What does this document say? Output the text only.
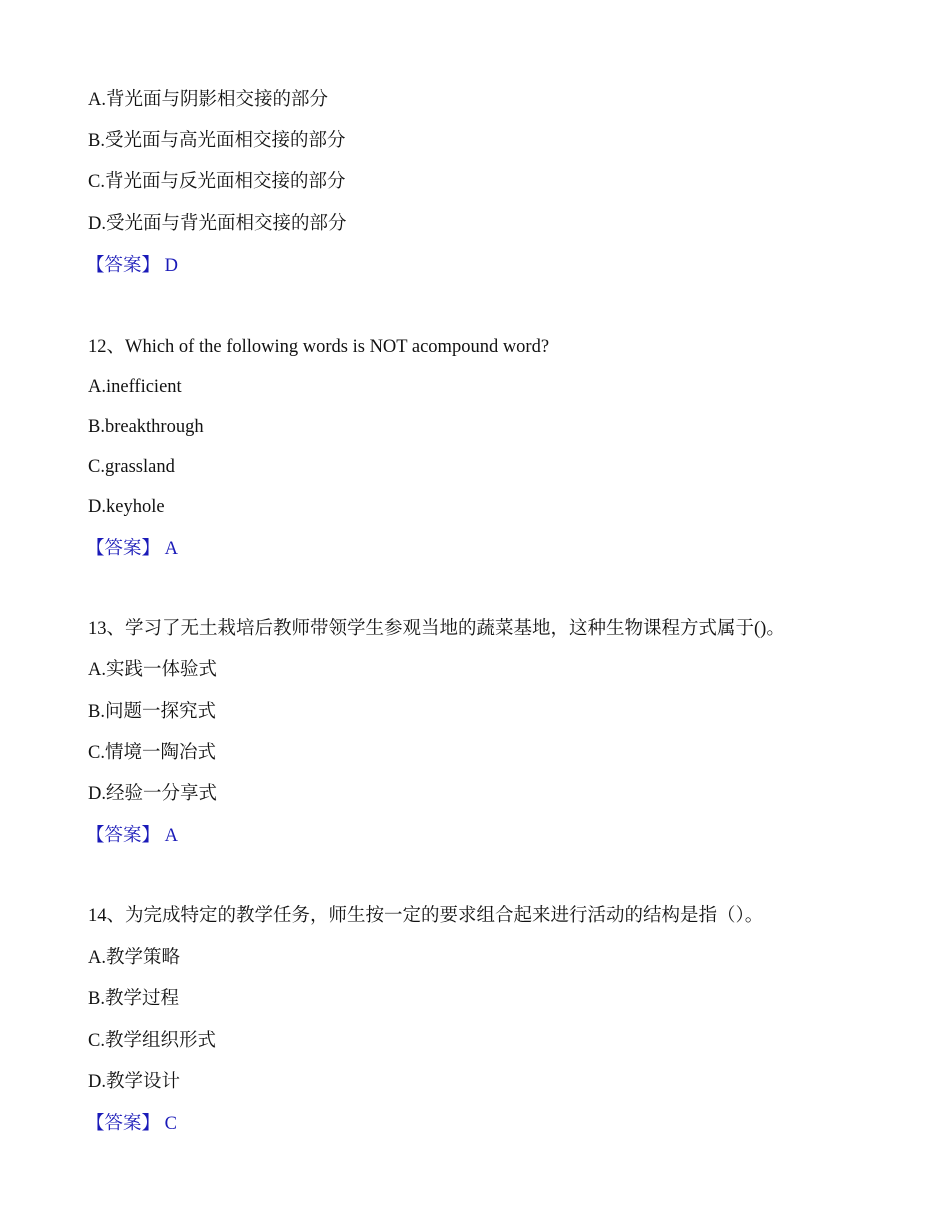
A.背光面与阴影相交接的部分
B.受光面与高光面相交接的部分
C.背光面与反光面相交接的部分
D.受光面与背光面相交接的部分
【答案】 D
12、Which of the following words is NOT acompound word?
A.inefficient
B.breakthrough
C.grassland
D.keyhole
【答案】 A
13、学习了无土栽培后教师带领学生参观当地的蔬菜基地，这种生物课程方式属于()。
A.实践一体验式
B.问题一探究式
C.情境一陶冶式
D.经验一分享式
【答案】 A
14、为完成特定的教学任务，师生按一定的要求组合起来进行活动的结构是指（）。
A.教学策略
B.教学过程
C.教学组织形式
D.教学设计
【答案】 C
